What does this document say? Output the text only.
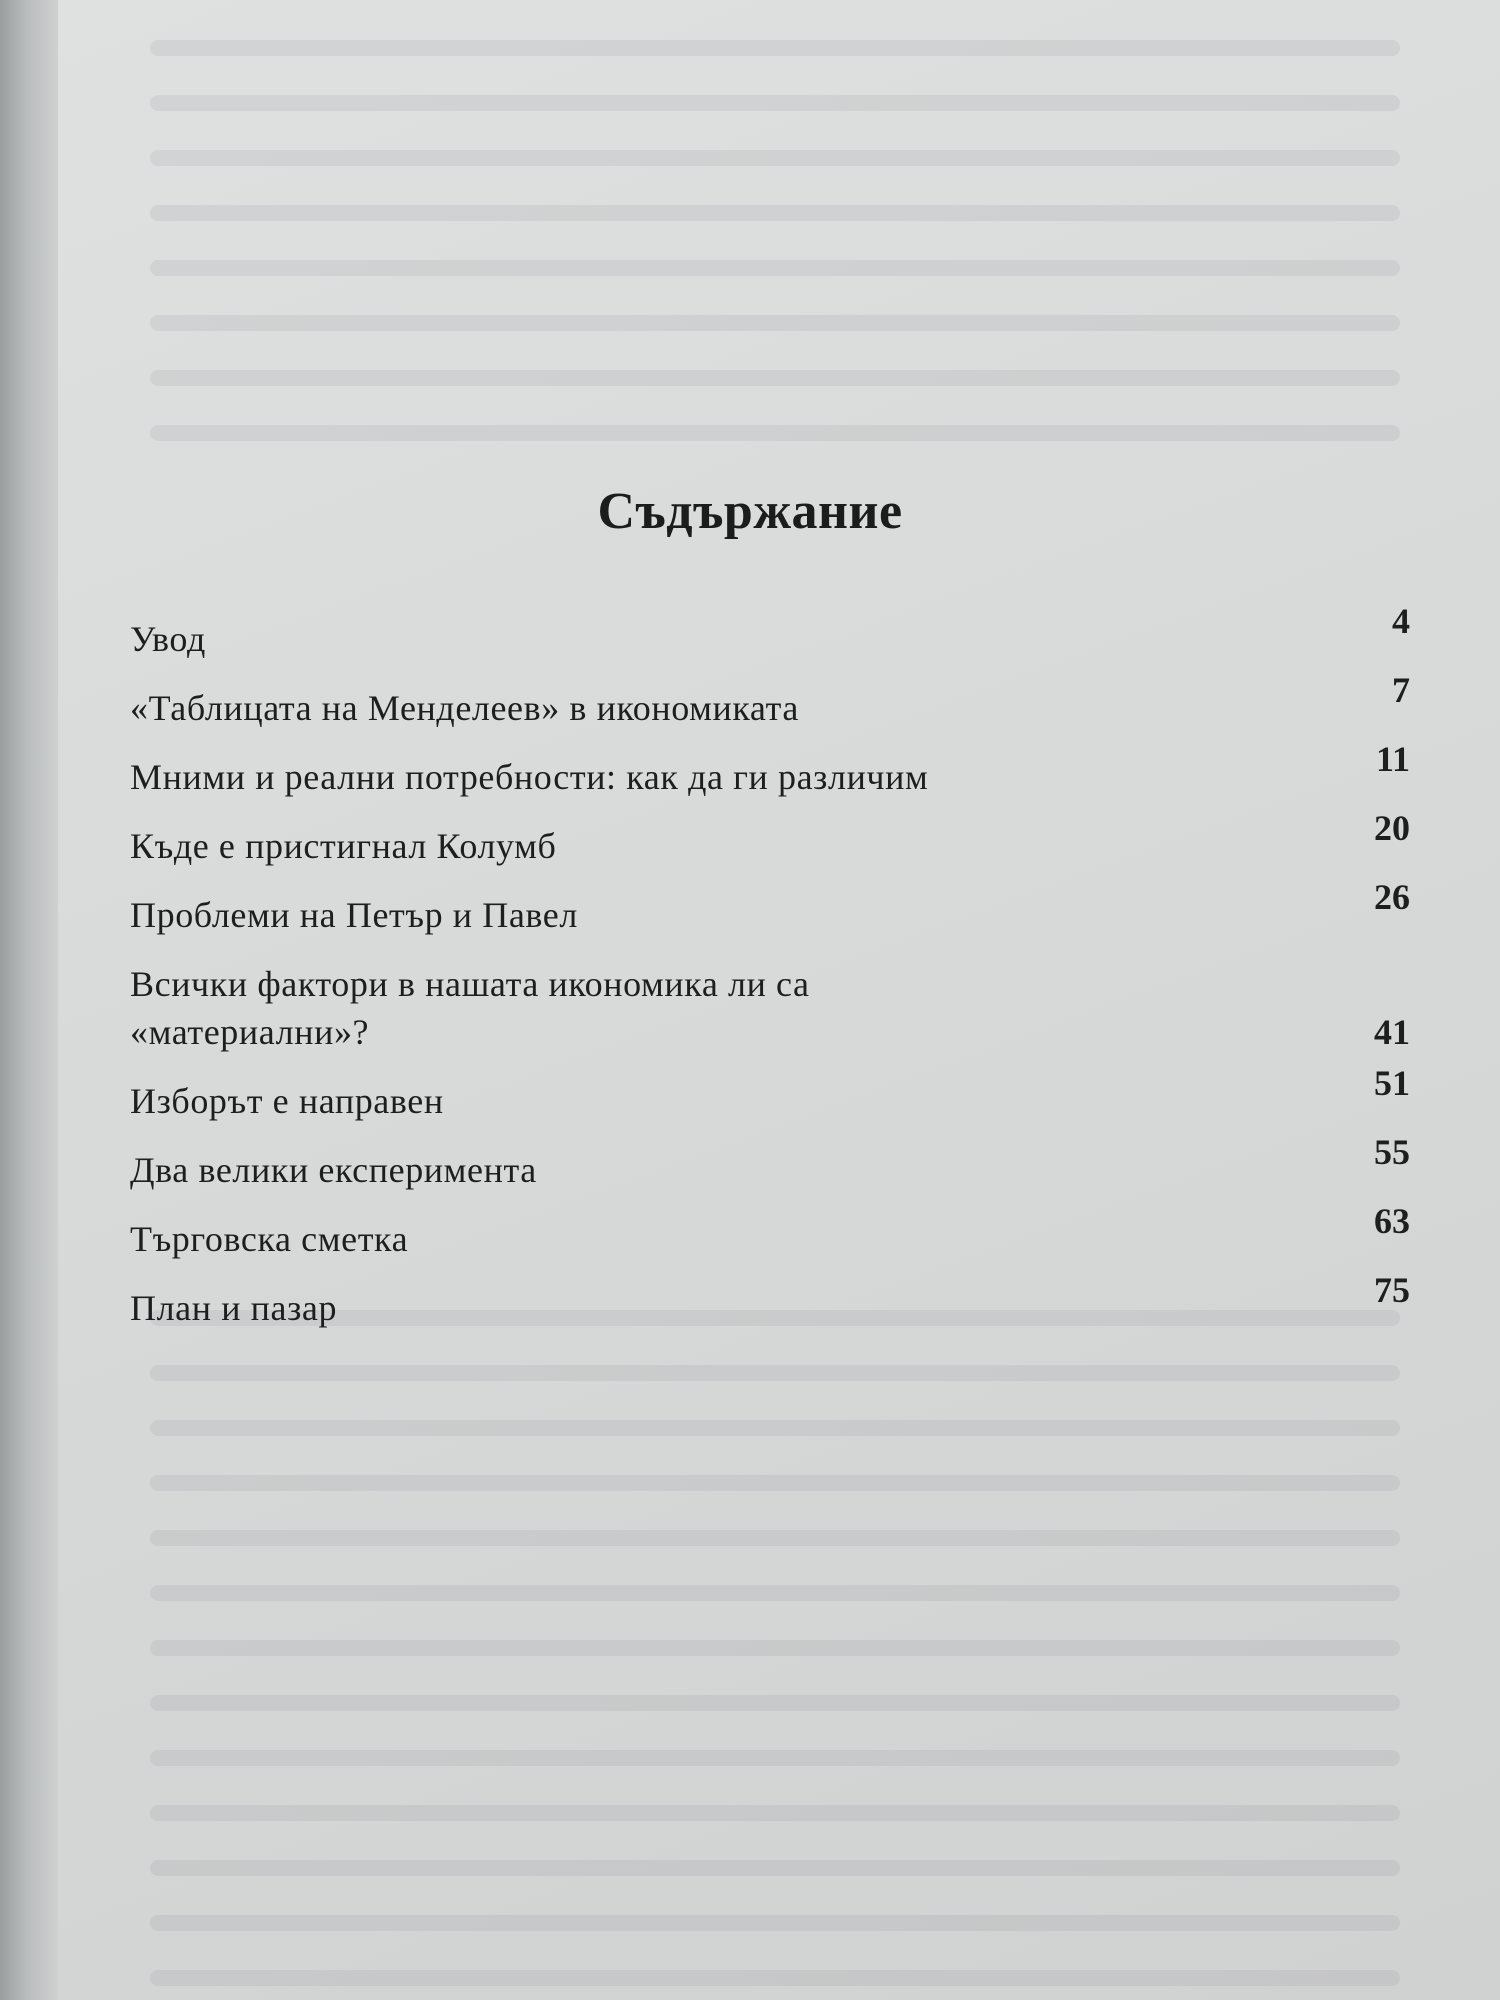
Съдържание
Увод	4
«Таблицата на Менделеев» в икономиката	7
Мними и реални потребности: как да ги различим	11
Къде е пристигнал Колумб	20
Проблеми на Петър и Павел	26
Всички фактори в нашата икономика ли са
«материални»?	41
Изборът е направен	51
Два велики експеримента	55
Търговска сметка	63
План и пазар	75
